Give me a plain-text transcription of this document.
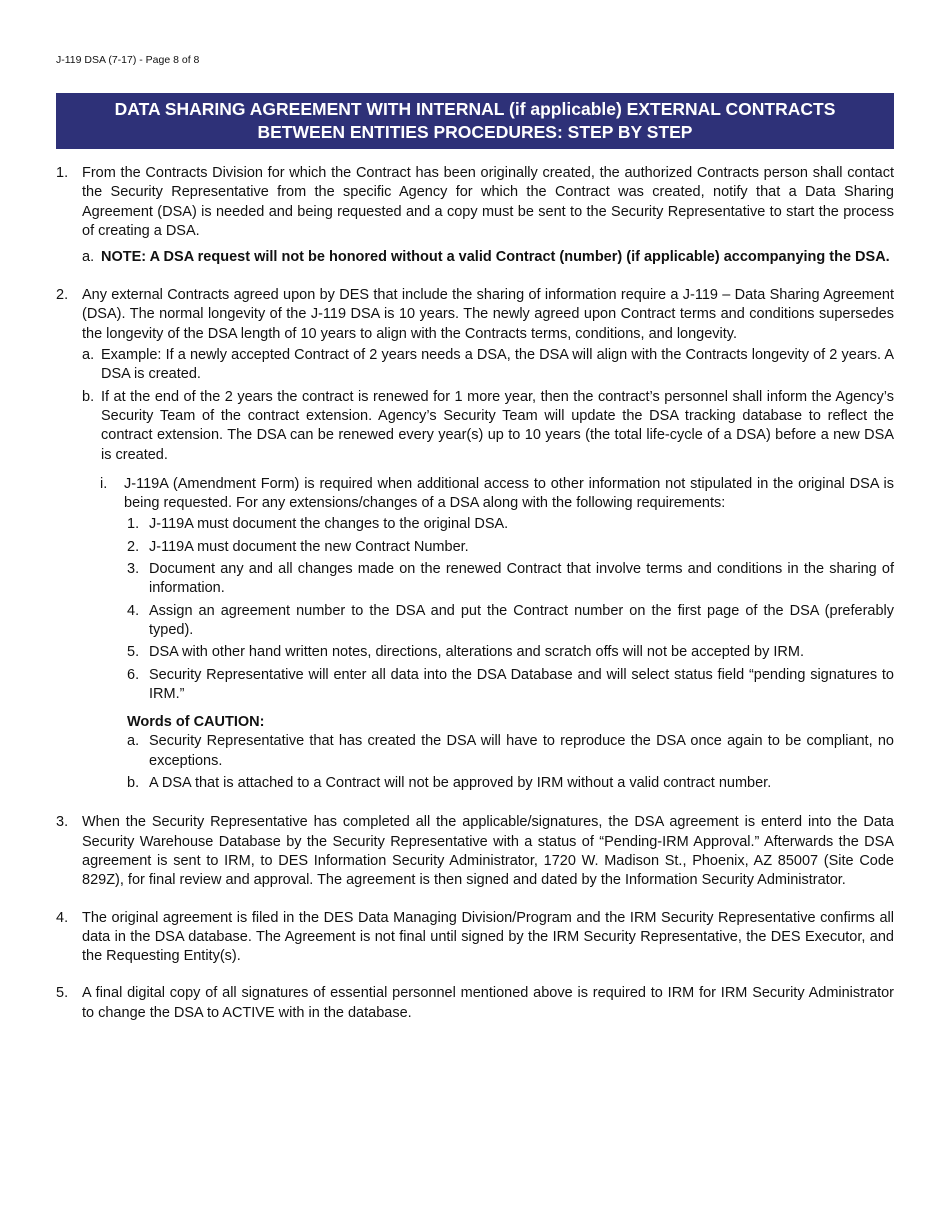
J-119 DSA (7-17) - Page 8 of 8
DATA SHARING AGREEMENT WITH INTERNAL (if applicable) EXTERNAL CONTRACTS
BETWEEN ENTITIES PROCEDURES: STEP BY STEP
1. From the Contracts Division for which the Contract has been originally created, the authorized Contracts person shall contact the Security Representative from the specific Agency for which the Contract was created, notify that a Data Sharing Agreement (DSA) is needed and being requested and a copy must be sent to the Security Representative to start the process of creating a DSA.

a. NOTE: A DSA request will not be honored without a valid Contract (number) (if applicable) accompanying the DSA.

2. Any external Contracts agreed upon by DES that include the sharing of information require a J-119 – Data Sharing Agreement (DSA). The normal longevity of the J-119 DSA is 10 years. The newly agreed upon Contract terms and conditions supersedes the longevity of the DSA length of 10 years to align with the Contracts terms, conditions, and longevity.

a. Example: If a newly accepted Contract of 2 years needs a DSA, the DSA will align with the Contracts longevity of 2 years. A DSA is created.

b. If at the end of the 2 years the contract is renewed for 1 more year, then the contract’s personnel shall inform the Agency’s Security Team of the contract extension. Agency’s Security Team will update the DSA tracking database to reflect the contract extension. The DSA can be renewed every year(s) up to 10 years (the total life-cycle of a DSA) before a new DSA is created.

i. J-119A (Amendment Form) is required when additional access to other information not stipulated in the original DSA is being requested. For any extensions/changes of a DSA along with the following requirements:

1. J-119A must document the changes to the original DSA.

2. J-119A must document the new Contract Number.

3. Document any and all changes made on the renewed Contract that involve terms and conditions in the sharing of information.

4. Assign an agreement number to the DSA and put the Contract number on the first page of the DSA (preferably typed).

5. DSA with other hand written notes, directions, alterations and scratch offs will not be accepted by IRM.

6. Security Representative will enter all data into the DSA Database and will select status field “pending signatures to IRM.”

Words of CAUTION:
a. Security Representative that has created the DSA will have to reproduce the DSA once again to be compliant, no exceptions.

b. A DSA that is attached to a Contract will not be approved by IRM without a valid contract number.

3. When the Security Representative has completed all the applicable/signatures, the DSA agreement is enterd into the Data Security Warehouse Database by the Security Representative with a status of “Pending-IRM Approval.” Afterwards the DSA agreement is sent to IRM, to DES Information Security Administrator, 1720 W. Madison St., Phoenix, AZ 85007 (Site Code 829Z), for final review and approval. The agreement is then signed and dated by the Information Security Administrator.

4. The original agreement is filed in the DES Data Managing Division/Program and the IRM Security Representative confirms all data in the DSA database. The Agreement is not final until signed by the IRM Security Representative, the DES Executor, and the Requesting Entity(s).

5. A final digital copy of all signatures of essential personnel mentioned above is required to IRM for IRM Security Administrator to change the DSA to ACTIVE with in the database.
